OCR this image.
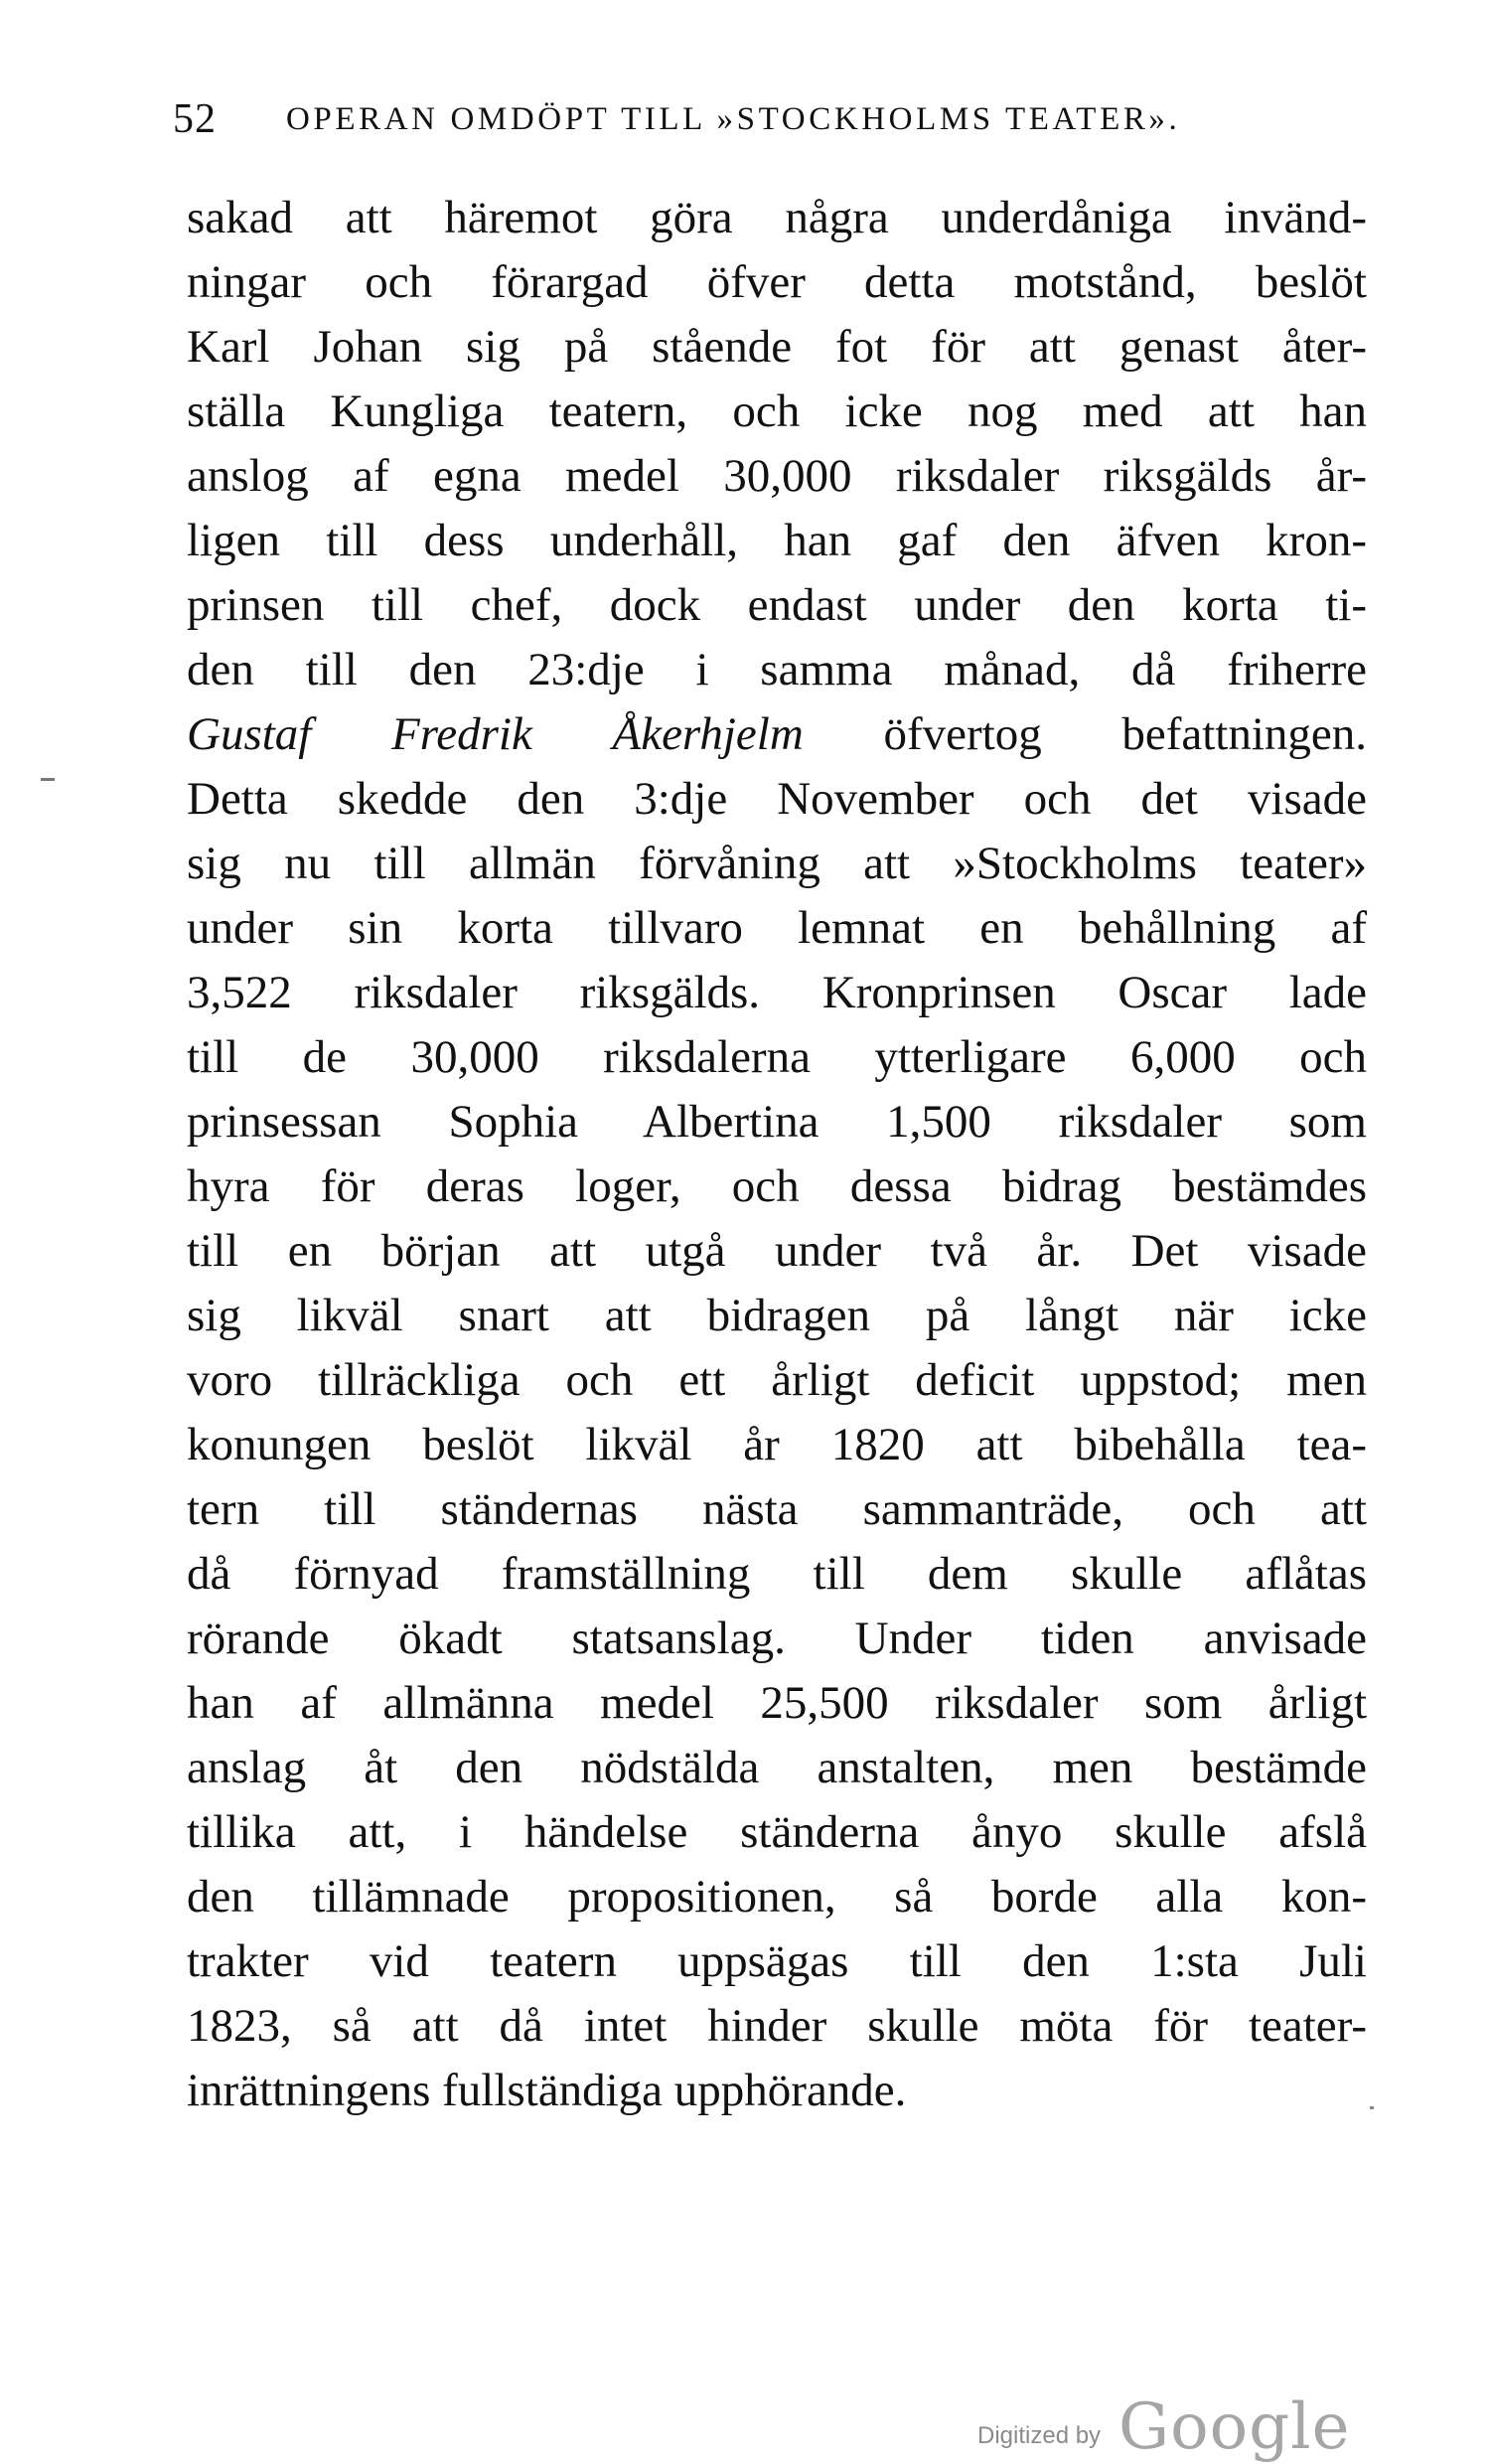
52 OPERAN OMDÖPT TILL »STOCKHOLMS TEATER».
sakad att häremot göra några underdåniga invänd-
ningar och förargad öfver detta motstånd, beslöt
Karl Johan sig på stående fot för att genast åter-
ställa Kungliga teatern, och icke nog med att han
anslog af egna medel 30,000 riksdaler riksgälds år-
ligen till dess underhåll, han gaf den äfven kron-
prinsen till chef, dock endast under den korta ti-
den till den 23:dje i samma månad, då friherre
Gustaf Fredrik Åkerhjelm öfvertog befattningen.
Detta skedde den 3:dje November och det visade
sig nu till allmän förvåning att »Stockholms teater»
under sin korta tillvaro lemnat en behållning af
3,522 riksdaler riksgälds. Kronprinsen Oscar lade
till de 30,000 riksdalerna ytterligare 6,000 och
prinsessan Sophia Albertina 1,500 riksdaler som
hyra för deras loger, och dessa bidrag bestämdes
till en början att utgå under två år. Det visade
sig likväl snart att bidragen på långt när icke
voro tillräckliga och ett årligt deficit uppstod; men
konungen beslöt likväl år 1820 att bibehålla tea-
tern till ständernas nästa sammanträde, och att
då förnyad framställning till dem skulle aflåtas
rörande ökadt statsanslag. Under tiden anvisade
han af allmänna medel 25,500 riksdaler som årligt
anslag åt den nödstälda anstalten, men bestämde
tillika att, i händelse ständerna ånyo skulle afslå
den tillämnade propositionen, så borde alla kon-
trakter vid teatern uppsägas till den 1:sta Juli
1823, så att då intet hinder skulle möta för teater-
inrättningens fullständiga upphörande.
Digitized by Google
